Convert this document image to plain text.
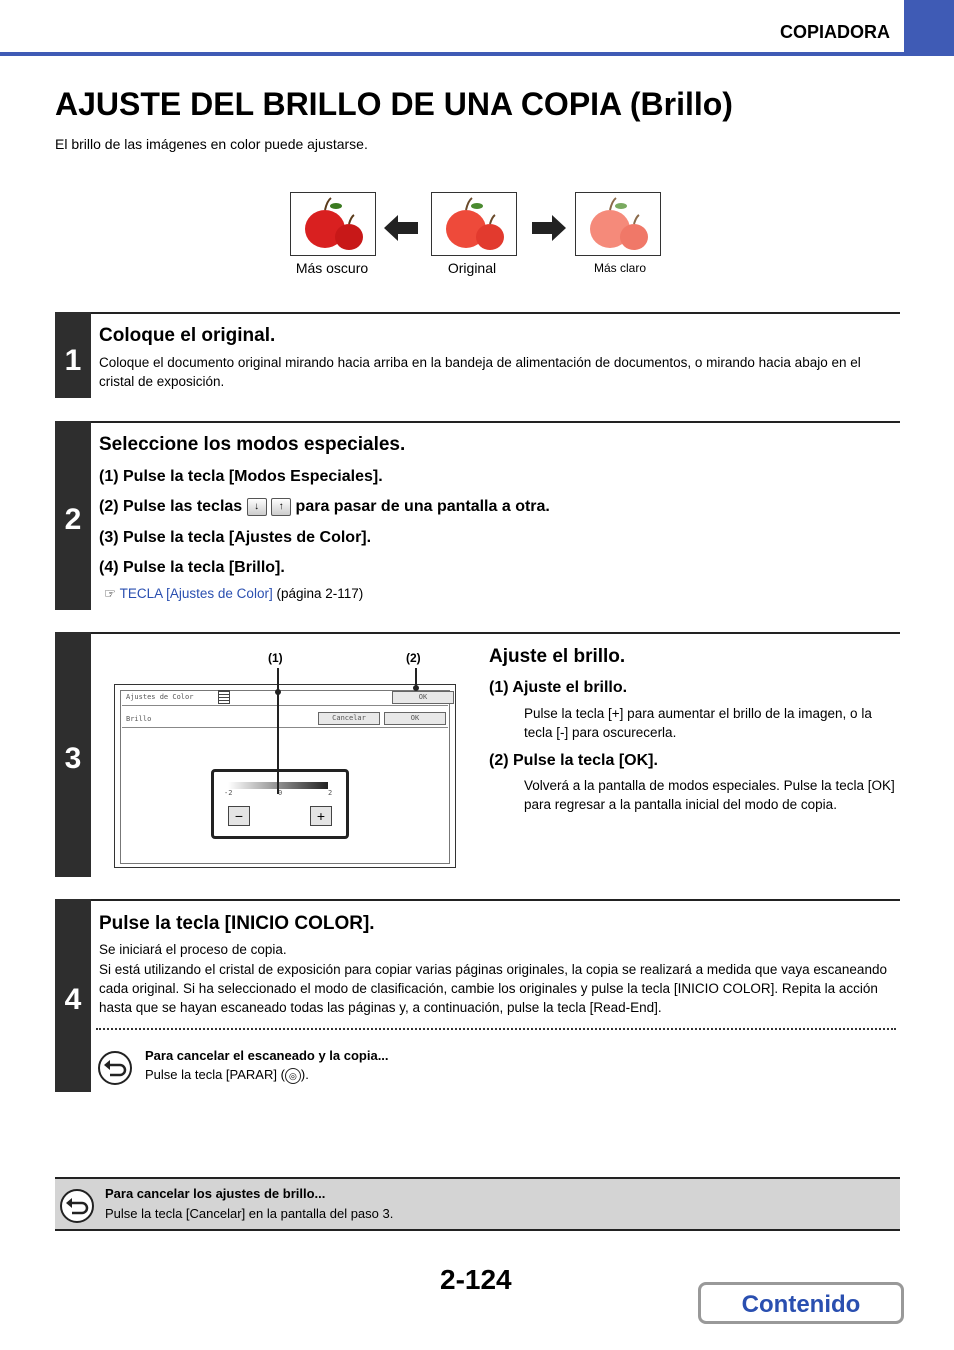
COPIADORA
AJUSTE DEL BRILLO DE UNA COPIA (Brillo)
El brillo de las imágenes en color puede ajustarse.
Más oscuro	Original	Más claro
1
Coloque el original.
Coloque el documento original mirando hacia arriba en la bandeja de alimentación de documentos, o mirando hacia abajo en el cristal de exposición.
2
Seleccione los modos especiales.
(1) Pulse la tecla [Modos Especiales].
(2) Pulse las teclas ↓ ↑ para pasar de una pantalla a otra.
(3) Pulse la tecla [Ajustes de Color].
(4) Pulse la tecla [Brillo].
☞ TECLA [Ajustes de Color] (página 2-117)
3
(1)	(2)
Ajustes de Color	OK
Brillo	Cancelar	OK
-2	0	2
−	+
Ajuste el brillo.
(1) Ajuste el brillo.
Pulse la tecla [+] para aumentar el brillo de la imagen, o la tecla [-] para oscurecerla.
(2) Pulse la tecla [OK].
Volverá a la pantalla de modos especiales. Pulse la tecla [OK] para regresar a la pantalla inicial del modo de copia.
4
Pulse la tecla [INICIO COLOR].
Se iniciará el proceso de copia.
Si está utilizando el cristal de exposición para copiar varias páginas originales, la copia se realizará a medida que vaya escaneando cada original. Si ha seleccionado el modo de clasificación, cambie los originales y pulse la tecla [INICIO COLOR]. Repita la acción hasta que se hayan escaneado todas las páginas y, a continuación, pulse la tecla [Read-End].
Para cancelar el escaneado y la copia...
Pulse la tecla [PARAR] ( ◎ ).
Para cancelar los ajustes de brillo...
Pulse la tecla [Cancelar] en la pantalla del paso 3.
2-124
Contenido
